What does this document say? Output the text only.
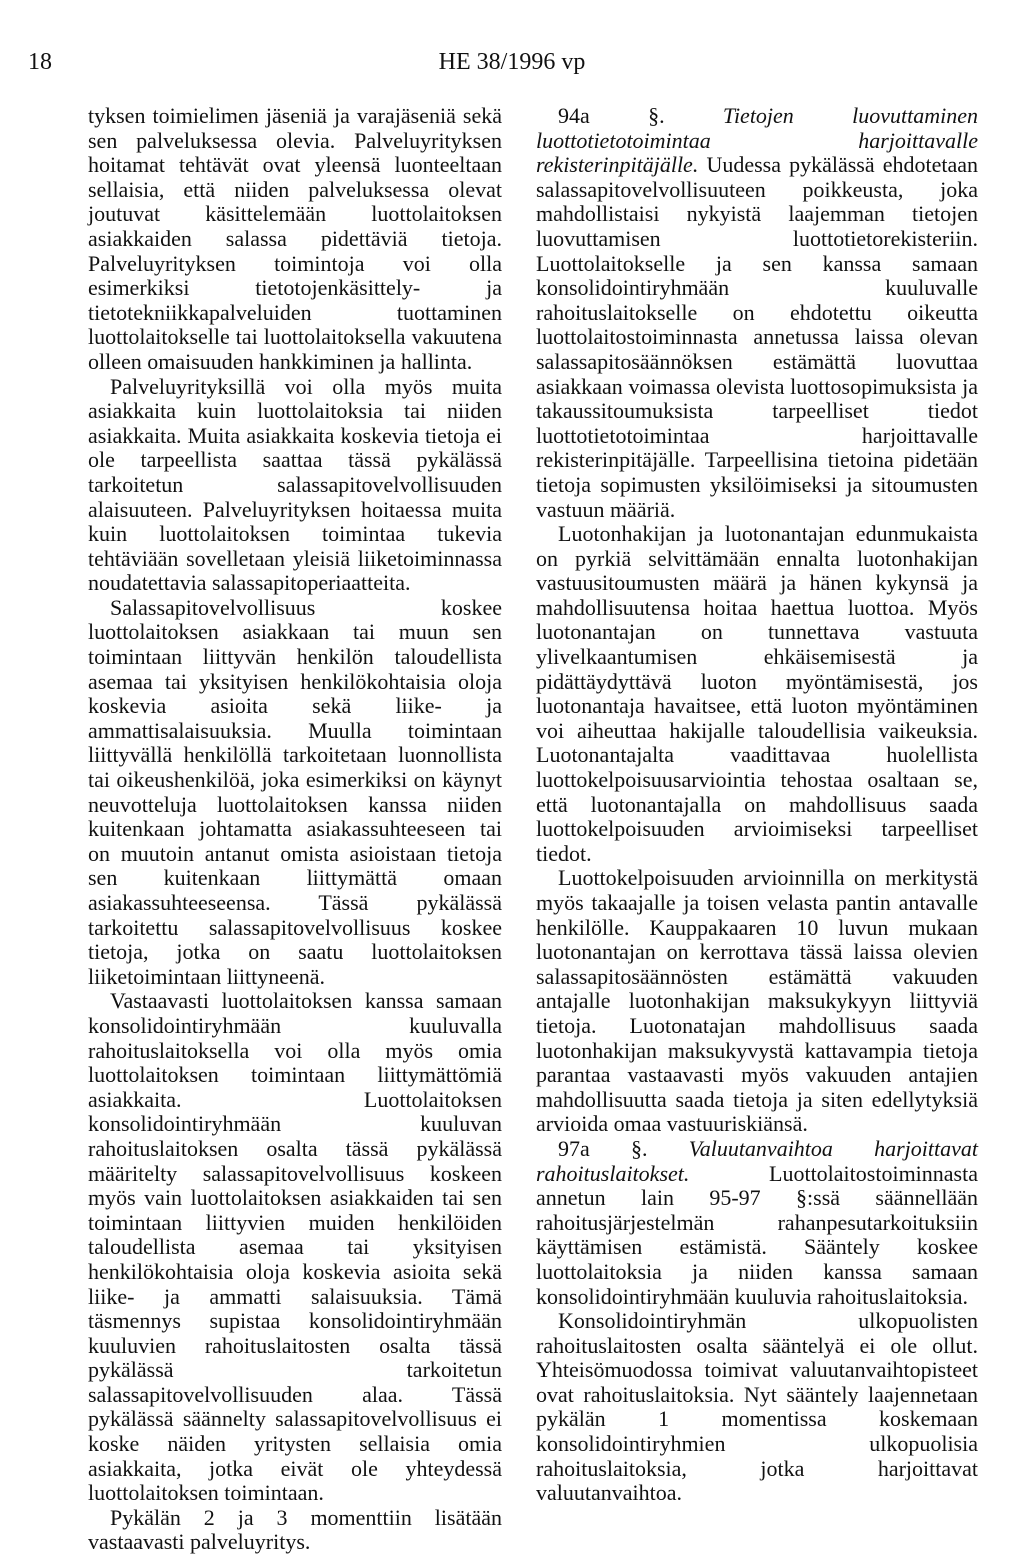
18	HE 38/1996 vp

tyksen toimielimen jäseniä ja varajäseniä sekä sen palveluksessa olevia. Palveluyrityksen hoitamat tehtävät ovat yleensä luonteeltaan sellaisia, että niiden palveluksessa olevat joutuvat käsittelemään luottolaitoksen asiakkaiden salassa pidettäviä tietoja. Palveluyrityksen toimintoja voi olla esimerkiksi tietotojenkäsittely- ja tietotekniikkapalveluiden tuottaminen luottolaitokselle tai luottolaitoksella vakuutena olleen omaisuuden hankkiminen ja hallinta.

Palveluyrityksillä voi olla myös muita asiakkaita kuin luottolaitoksia tai niiden asiakkaita. Muita asiakkaita koskevia tietoja ei ole tarpeellista saattaa tässä pykälässä tarkoitetun salassapitovelvollisuuden alaisuuteen. Palveluyrityksen hoitaessa muita kuin luottolaitoksen toimintaa tukevia tehtäviään sovelletaan yleisiä liiketoiminnassa noudatettavia salassapitoperiaatteita.

Salassapitovelvollisuus koskee luottolaitoksen asiakkaan tai muun sen toimintaan liittyvän henkilön taloudellista asemaa tai yksityisen henkilökohtaisia oloja koskevia asioita sekä liike- ja ammattisalaisuuksia. Muulla toimintaan liittyvällä henkilöllä tarkoitetaan luonnollista tai oikeushenkilöä, joka esimerkiksi on käynyt neuvotteluja luottolaitoksen kanssa niiden kuitenkaan johtamatta asiakassuhteeseen tai on muutoin antanut omista asioistaan tietoja sen kuitenkaan liittymättä omaan asiakassuhteeseensa. Tässä pykälässä tarkoitettu salassapitovelvollisuus koskee tietoja, jotka on saatu luottolaitoksen liiketoimintaan liittyneenä.

Vastaavasti luottolaitoksen kanssa samaan konsolidointiryhmään kuuluvalla rahoituslaitoksella voi olla myös omia luottolaitoksen toimintaan liittymättömiä asiakkaita. Luottolaitoksen konsolidointiryhmään kuuluvan rahoituslaitoksen osalta tässä pykälässä määritelty salassapitovelvollisuus koskeen myös vain luottolaitoksen asiakkaiden tai sen toimintaan liittyvien muiden henkilöiden taloudellista asemaa tai yksityisen henkilökohtaisia oloja koskevia asioita sekä liike- ja ammatti salaisuuksia. Tämä täsmennys supistaa konsolidointiryhmään kuuluvien rahoituslaitosten osalta tässä pykälässä tarkoitetun salassapitovelvollisuuden alaa. Tässä pykälässä säännelty salassapitovelvollisuus ei koske näiden yritysten sellaisia omia asiakkaita, jotka eivät ole yhteydessä luottolaitoksen toimintaan.

Pykälän 2 ja 3 momenttiin lisätään vastaavasti palveluyritys.

94a §.	Tietojen luovuttaminen luottotietotoimintaa harjoittavalle rekisterinpitäjälle. Uudessa pykälässä ehdotetaan salassapitovelvollisuuteen poikkeusta, joka mahdollistaisi nykyistä laajemman tietojen luovuttamisen luottotietorekisteriin. Luottolaitokselle ja sen kanssa samaan konsolidointiryhmään kuuluvalle rahoituslaitokselle on ehdotettu oikeutta luottolaitostoiminnasta annetussa laissa olevan salassapitosäännöksen estämättä luovuttaa asiakkaan voimassa olevista luottosopimuksista ja takaussitoumuksista tarpeelliset tiedot luottotietotoimintaa harjoittavalle rekisterinpitäjälle. Tarpeellisina tietoina pidetään tietoja sopimusten yksilöimiseksi ja sitoumusten vastuun määriä.

Luotonhakijan ja luotonantajan edunmukaista on pyrkiä selvittämään ennalta luotonhakijan vastuusitoumusten määrä ja hänen kykynsä ja mahdollisuutensa hoitaa haettua luottoa. Myös luotonantajan on tunnettava vastuuta ylivelkaantumisen ehkäisemisestä ja pidättäydyttävä luoton myöntämisestä, jos luotonantaja havaitsee, että luoton myöntäminen voi aiheuttaa hakijalle taloudellisia vaikeuksia. Luotonantajalta vaadittavaa huolellista luottokelpoisuusarviointia tehostaa osaltaan se, että luotonantajalla on mahdollisuus saada luottokelpoisuuden arvioimiseksi tarpeelliset tiedot.

Luottokelpoisuuden arvioinnilla on merkitystä myös takaajalle ja toisen velasta pantin antavalle henkilölle. Kauppakaaren 10 luvun mukaan luotonantajan on kerrottava tässä laissa olevien salassapitosäännösten estämättä vakuuden antajalle luotonhakijan maksukykyyn liittyviä tietoja. Luotonatajan mahdollisuus saada luotonhakijan maksukyvystä kattavampia tietoja parantaa vastaavasti myös vakuuden antajien mahdollisuutta saada tietoja ja siten edellytyksiä arvioida omaa vastuuriskiänsä.

97a §. Valuutanvaihtoa harjoittavat rahoituslaitokset.	Luottolaitostoiminnasta annetun lain 95-97 §:ssä säännellään rahoitusjärjestelmän rahanpesutarkoituksiin käyttämisen estämistä. Sääntely koskee luottolaitoksia ja niiden kanssa samaan konsolidointiryhmään kuuluvia rahoituslaitoksia.

Konsolidointiryhmän ulkopuolisten rahoituslaitosten osalta sääntelyä ei ole ollut. Yhteisömuodossa toimivat valuutanvaihtopisteet ovat rahoituslaitoksia. Nyt sääntely laajennetaan pykälän 1 momentissa koskemaan konsolidointiryhmien ulkopuolisia rahoituslaitoksia, jotka harjoittavat valuutanvaihtoa.
